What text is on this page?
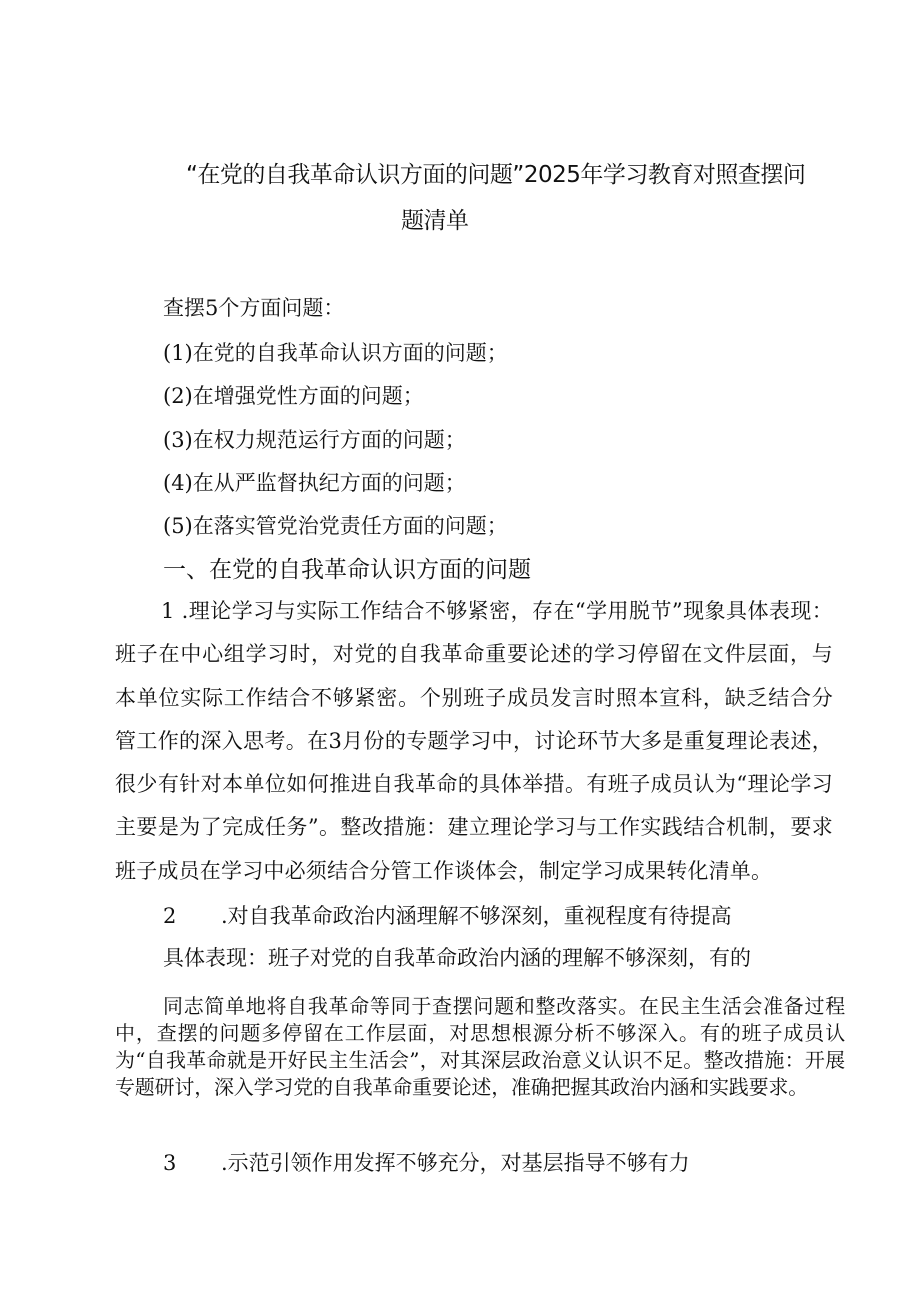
“在党的自我革命认识方面的问题”2025年学习教育对照查摆问
题清单
查摆5个方面问题：
(1)在党的自我革命认识方面的问题；
(2)在增强党性方面的问题；
(3)在权力规范运行方面的问题；
(4)在从严监督执纪方面的问题；
(5)在落实管党治党责任方面的问题；
一、在党的自我革命认识方面的问题
1 .理论学习与实际工作结合不够紧密，存在“学用脱节”现象具体表现：班子在中心组学习时，对党的自我革命重要论述的学习停留在文件层面，与本单位实际工作结合不够紧密。个别班子成员发言时照本宣科，缺乏结合分管工作的深入思考。在3月份的专题学习中，讨论环节大多是重复理论表述，很少有针对本单位如何推进自我革命的具体举措。有班子成员认为“理论学习主要是为了完成任务”。整改措施：建立理论学习与工作实践结合机制，要求班子成员在学习中必须结合分管工作谈体会，制定学习成果转化清单。
2 .对自我革命政治内涵理解不够深刻，重视程度有待提高
具体表现：班子对党的自我革命政治内涵的理解不够深刻，有的
同志简单地将自我革命等同于查摆问题和整改落实。在民主生活会准备过程中，查摆的问题多停留在工作层面，对思想根源分析不够深入。有的班子成员认为“自我革命就是开好民主生活会”，对其深层政治意义认识不足。整改措施：开展专题研讨，深入学习党的自我革命重要论述，准确把握其政治内涵和实践要求。
3 .示范引领作用发挥不够充分，对基层指导不够有力
